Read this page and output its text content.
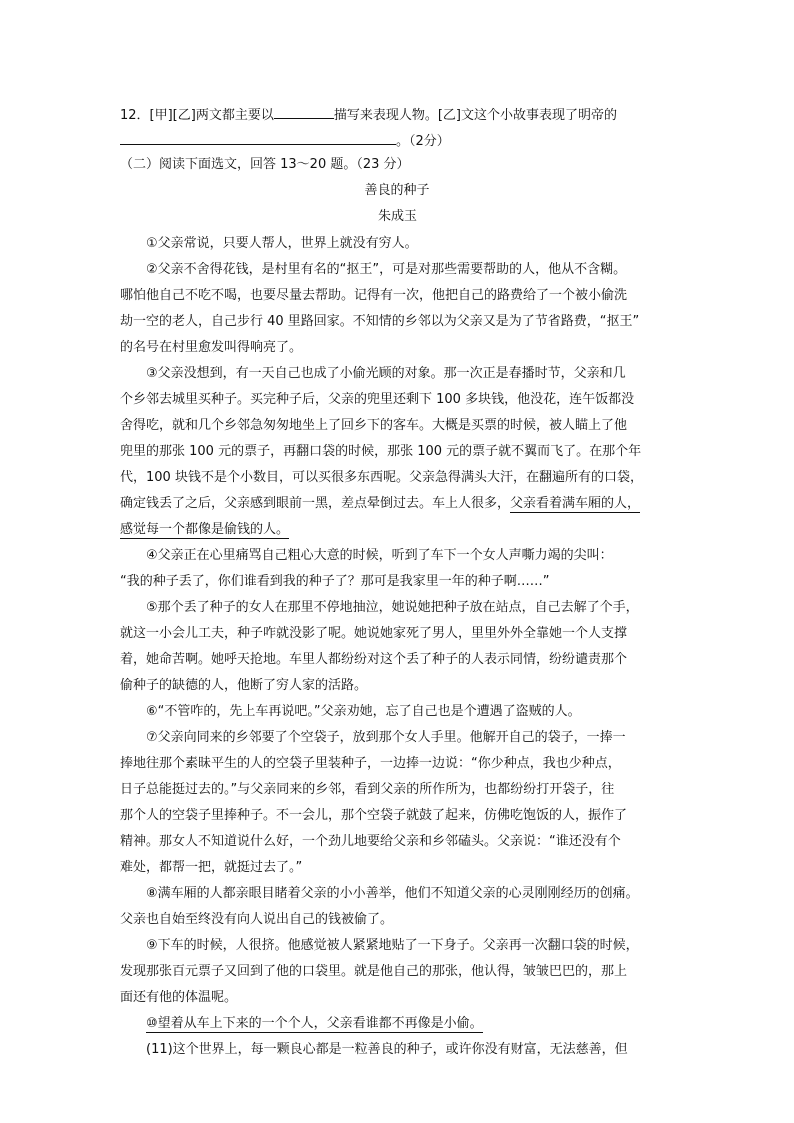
12．[甲][乙]两文都主要以	描写来表现人物。[乙]文这个小故事表现了明帝的
。（2分）
（二）阅读下面选文，回答 13～20 题。（23 分）
善良的种子
朱成玉
①父亲常说，只要人帮人，世界上就没有穷人。
②父亲不舍得花钱，是村里有名的“抠王”，可是对那些需要帮助的人，他从不含糊。
哪怕他自己不吃不喝，也要尽量去帮助。记得有一次，他把自己的路费给了一个被小偷洗
劫一空的老人，自己步行 40 里路回家。不知情的乡邻以为父亲又是为了节省路费，“抠王”
的名号在村里愈发叫得响亮了。
③父亲没想到，有一天自己也成了小偷光顾的对象。那一次正是春播时节，父亲和几
个乡邻去城里买种子。买完种子后，父亲的兜里还剩下 100 多块钱，他没花，连午饭都没
舍得吃，就和几个乡邻急匆匆地坐上了回乡下的客车。大概是买票的时候，被人瞄上了他
兜里的那张 100 元的票子，再翻口袋的时候，那张 100 元的票子就不翼而飞了。在那个年
代，100 块钱不是个小数目，可以买很多东西呢。父亲急得满头大汗，在翻遍所有的口袋，
确定钱丢了之后，父亲感到眼前一黑，差点晕倒过去。车上人很多，父亲看着满车厢的人，
感觉每一个都像是偷钱的人。
④父亲正在心里痛骂自己粗心大意的时候，听到了车下一个女人声嘶力竭的尖叫：
“我的种子丢了，你们谁看到我的种子了？那可是我家里一年的种子啊……”
⑤那个丢了种子的女人在那里不停地抽泣，她说她把种子放在站点，自己去解了个手，
就这一小会儿工夫，种子咋就没影了呢。她说她家死了男人，里里外外全靠她一个人支撑
着，她命苦啊。她呼天抢地。车里人都纷纷对这个丢了种子的人表示同情，纷纷谴责那个
偷种子的缺德的人，他断了穷人家的活路。
⑥“不管咋的，先上车再说吧。”父亲劝她，忘了自己也是个遭遇了盗贼的人。
⑦父亲向同来的乡邻要了个空袋子，放到那个女人手里。他解开自己的袋子，一捧一
捧地往那个素昧平生的人的空袋子里装种子，一边捧一边说：“你少种点，我也少种点，
日子总能挺过去的。”与父亲同来的乡邻，看到父亲的所作所为，也都纷纷打开袋子，往
那个人的空袋子里捧种子。不一会儿，那个空袋子就鼓了起来，仿佛吃饱饭的人，振作了
精神。那女人不知道说什么好，一个劲儿地要给父亲和乡邻磕头。父亲说：“谁还没有个
难处，都帮一把，就挺过去了。”
⑧满车厢的人都亲眼目睹着父亲的小小善举，他们不知道父亲的心灵刚刚经历的创痛。
父亲也自始至终没有向人说出自己的钱被偷了。
⑨下车的时候，人很挤。他感觉被人紧紧地贴了一下身子。父亲再一次翻口袋的时候，
发现那张百元票子又回到了他的口袋里。就是他自己的那张，他认得，皱皱巴巴的，那上
面还有他的体温呢。
⑩望着从车上下来的一个个人，父亲看谁都不再像是小偷。
(11)这个世界上，每一颗良心都是一粒善良的种子，或许你没有财富，无法慈善，但
